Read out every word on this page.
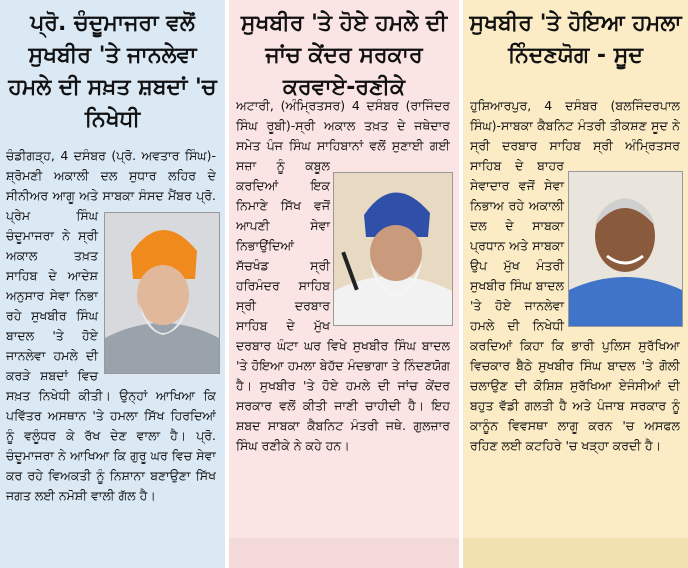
ਪ੍ਰੋ. ਚੰਦੂਮਾਜਰਾ ਵਲੋਂ ਸੁਖਬੀਰ 'ਤੇ ਜਾਨਲੇਵਾ ਹਮਲੇ ਦੀ ਸਖ਼ਤ ਸ਼ਬਦਾਂ 'ਚ ਨਿਖੇਧੀ
ਸੁਖਬੀਰ 'ਤੇ ਹੋਏ ਹਮਲੇ ਦੀ ਜਾਂਚ ਕੇਂਦਰ ਸਰਕਾਰ ਕਰਵਾਏ-ਰਣੀਕੇ
ਸੁਖਬੀਰ 'ਤੇ ਹੋਇਆ ਹਮਲਾ ਨਿੰਦਣਯੋਗ - ਸੂਦ
ਚੰਡੀਗੜ੍ਹ, 4 ਦਸੰਬਰ (ਪ੍ਰੋ. ਅਵਤਾਰ ਸਿੰਘ)-ਸ਼੍ਰੋਮਣੀ ਅਕਾਲੀ ਦਲ ਸੁਧਾਰ ਲਹਿਰ ਦੇ ਸੀਨੀਅਰ ਆਗੂ ਅਤੇ ਸਾਬਕਾ ਸੰਸਦ ਮੈਂਬਰ ਪ੍ਰੋ. ਪ੍ਰੇਮ ਸਿੰਘ ਚੰਦੂਮਾਜਰਾ ਨੇ ਸ੍ਰੀ ਅਕਾਲ ਤਖ਼ਤ ਸਾਹਿਬ ਦੇ ਆਦੇਸ਼ ਅਨੁਸਾਰ ਸੇਵਾ ਨਿਭਾ ਰਹੇ ਸੁਖਬੀਰ ਸਿੰਘ ਬਾਦਲ 'ਤੇ ਹੋਏ ਜਾਨਲੇਵਾ ਹਮਲੇ ਦੀ ਕਰੜੇ ਸ਼ਬਦਾਂ ਵਿਚ ਸਖ਼ਤ ਨਿਖੇਧੀ ਕੀਤੀ। ਉਨ੍ਹਾਂ ਆਖਿਆ ਕਿ ਪਵਿੱਤਰ ਅਸਥਾਨ 'ਤੇ ਹਮਲਾ ਸਿੱਖ ਹਿਰਦਿਆਂ ਨੂੰ ਵਲੂੰਧਰ ਕੇ ਰੱਖ ਦੇਣ ਵਾਲਾ ਹੈ। ਪ੍ਰੋ. ਚੰਦੂਮਾਜਰਾ ਨੇ ਆਖਿਆ ਕਿ ਗੁਰੂ ਘਰ ਵਿਚ ਸੇਵਾ ਕਰ ਰਹੇ ਵਿਅਕਤੀ ਨੂੰ ਨਿਸ਼ਾਨਾ ਬਣਾਉਣਾ ਸਿੱਖ ਜਗਤ ਲਈ ਨਮੋਸ਼ੀ ਵਾਲੀ ਗੱਲ ਹੈ।
ਅਟਾਰੀ, (ਅੰਮ੍ਰਿਤਸਰ) 4 ਦਸੰਬਰ (ਰਾਜਿੰਦਰ ਸਿੰਘ ਰੂਬੀ)-ਸ੍ਰੀ ਅਕਾਲ ਤਖ਼ਤ ਦੇ ਜਥੇਦਾਰ ਸਮੇਤ ਪੰਜ ਸਿੰਘ ਸਾਹਿਬਾਨਾਂ ਵਲੋਂ ਸੁਣਾਈ ਗਈ ਸਜ਼ਾ ਨੂੰ ਕਬੂਲ ਕਰਦਿਆਂ ਇਕ ਨਿਮਾਣੇ ਸਿੱਖ ਵਜੋਂ ਆਪਣੀ ਸੇਵਾ ਨਿਭਾਉਂਦਿਆਂ ਸੱਚਖੰਡ ਸ੍ਰੀ ਹਰਿਮੰਦਰ ਸਾਹਿਬ ਸ੍ਰੀ ਦਰਬਾਰ ਸਾਹਿਬ ਦੇ ਮੁੱਖ ਦਰਬਾਰ ਘੰਟਾ ਘਰ ਵਿਖੇ ਸੁਖਬੀਰ ਸਿੰਘ ਬਾਦਲ 'ਤੇ ਹੋਇਆ ਹਮਲਾ ਬੇਹੱਦ ਮੰਦਭਾਗਾ ਤੇ ਨਿੰਦਣਯੋਗ ਹੈ। ਸੁਖਬੀਰ 'ਤੇ ਹੋਏ ਹਮਲੇ ਦੀ ਜਾਂਚ ਕੇਂਦਰ ਸਰਕਾਰ ਵਲੋਂ ਕੀਤੀ ਜਾਣੀ ਚਾਹੀਦੀ ਹੈ। ਇਹ ਸ਼ਬਦ ਸਾਬਕਾ ਕੈਬਨਿਟ ਮੰਤਰੀ ਜਥੇ. ਗੁਲਜ਼ਾਰ ਸਿੰਘ ਰਣੀਕੇ ਨੇ ਕਹੇ ਹਨ।
ਹੁਸ਼ਿਆਰਪੁਰ, 4 ਦਸੰਬਰ (ਬਲਜਿੰਦਰਪਾਲ ਸਿੰਘ)-ਸਾਬਕਾ ਕੈਬਨਿਟ ਮੰਤਰੀ ਤੀਕਸ਼ਣ ਸੂਦ ਨੇ ਸ੍ਰੀ ਦਰਬਾਰ ਸਾਹਿਬ ਸ੍ਰੀ ਅੰਮ੍ਰਿਤਸਰ ਸਾਹਿਬ ਦੇ ਬਾਹਰ ਸੇਵਾਦਾਰ ਵਜੋਂ ਸੇਵਾ ਨਿਭਾਅ ਰਹੇ ਅਕਾਲੀ ਦਲ ਦੇ ਸਾਬਕਾ ਪ੍ਰਧਾਨ ਅਤੇ ਸਾਬਕਾ ਉਪ ਮੁੱਖ ਮੰਤਰੀ ਸੁਖਬੀਰ ਸਿੰਘ ਬਾਦਲ 'ਤੇ ਹੋਏ ਜਾਨਲੇਵਾ ਹਮਲੇ ਦੀ ਨਿਖੇਧੀ ਕਰਦਿਆਂ ਕਿਹਾ ਕਿ ਭਾਰੀ ਪੁਲਿਸ ਸੁਰੱਖਿਆ ਵਿਚਕਾਰ ਬੈਠੇ ਸੁਖਬੀਰ ਸਿੰਘ ਬਾਦਲ 'ਤੇ ਗੋਲੀ ਚਲਾਉਣ ਦੀ ਕੋਸ਼ਿਸ਼ ਸੁਰੱਖਿਆ ਏਜੰਸੀਆਂ ਦੀ ਬਹੁਤ ਵੱਡੀ ਗਲਤੀ ਹੈ ਅਤੇ ਪੰਜਾਬ ਸਰਕਾਰ ਨੂੰ ਕਾਨੂੰਨ ਵਿਵਸਥਾ ਲਾਗੂ ਕਰਨ 'ਚ ਅਸਫਲ ਰਹਿਣ ਲਈ ਕਟਹਿਰੇ 'ਚ ਖੜ੍ਹਾ ਕਰਦੀ ਹੈ।
